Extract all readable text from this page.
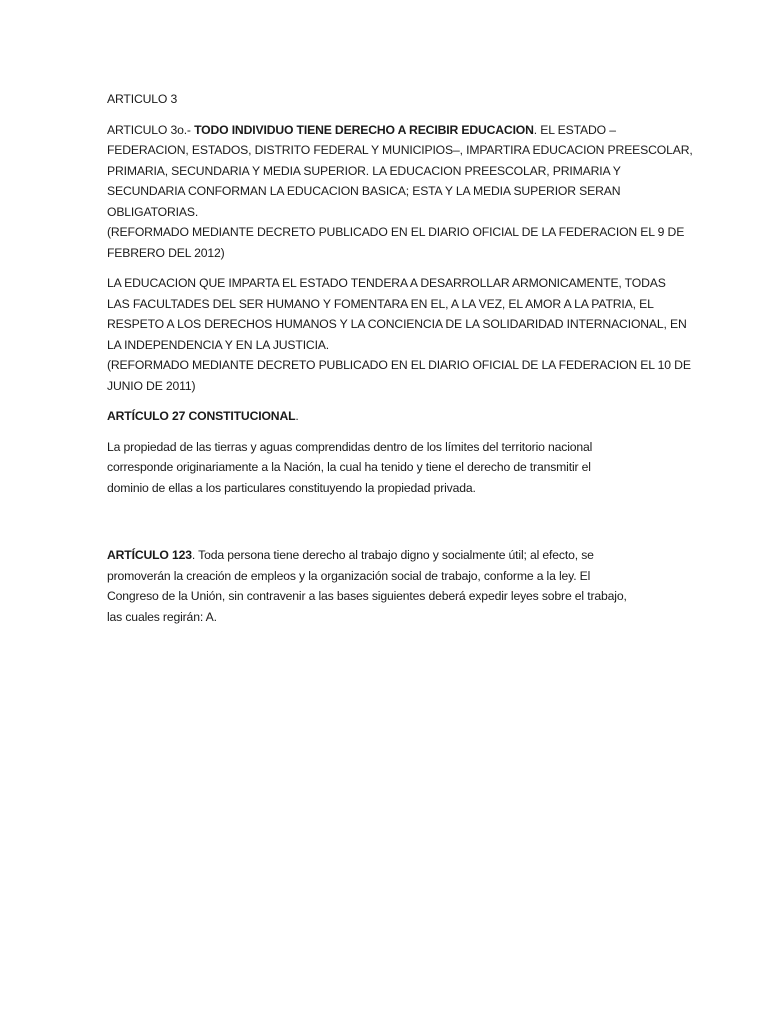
ARTICULO 3

ARTICULO 3o.- TODO INDIVIDUO TIENE DERECHO A RECIBIR EDUCACION. EL ESTADO –
FEDERACION, ESTADOS, DISTRITO FEDERAL Y MUNICIPIOS–, IMPARTIRA EDUCACION PREESCOLAR,
PRIMARIA, SECUNDARIA Y MEDIA SUPERIOR. LA EDUCACION PREESCOLAR, PRIMARIA Y
SECUNDARIA CONFORMAN LA EDUCACION BASICA; ESTA Y LA MEDIA SUPERIOR SERAN
OBLIGATORIAS.
(REFORMADO MEDIANTE DECRETO PUBLICADO EN EL DIARIO OFICIAL DE LA FEDERACION EL 9 DE
FEBRERO DEL 2012)

LA EDUCACION QUE IMPARTA EL ESTADO TENDERA A DESARROLLAR ARMONICAMENTE, TODAS
LAS FACULTADES DEL SER HUMANO Y FOMENTARA EN EL, A LA VEZ, EL AMOR A LA PATRIA, EL
RESPETO A LOS DERECHOS HUMANOS Y LA CONCIENCIA DE LA SOLIDARIDAD INTERNACIONAL, EN
LA INDEPENDENCIA Y EN LA JUSTICIA.
(REFORMADO MEDIANTE DECRETO PUBLICADO EN EL DIARIO OFICIAL DE LA FEDERACION EL 10 DE
JUNIO DE 2011)

ARTÍCULO 27 CONSTITUCIONAL.

La propiedad de las tierras y aguas comprendidas dentro de los límites del territorio nacional
corresponde originariamente a la Nación, la cual ha tenido y tiene el derecho de transmitir el
dominio de ellas a los particulares constituyendo la propiedad privada.

ARTÍCULO 123. Toda persona tiene derecho al trabajo digno y socialmente útil; al efecto, se
promoverán la creación de empleos y la organización social de trabajo, conforme a la ley. El
Congreso de la Unión, sin contravenir a las bases siguientes deberá expedir leyes sobre el trabajo,
las cuales regirán: A.
